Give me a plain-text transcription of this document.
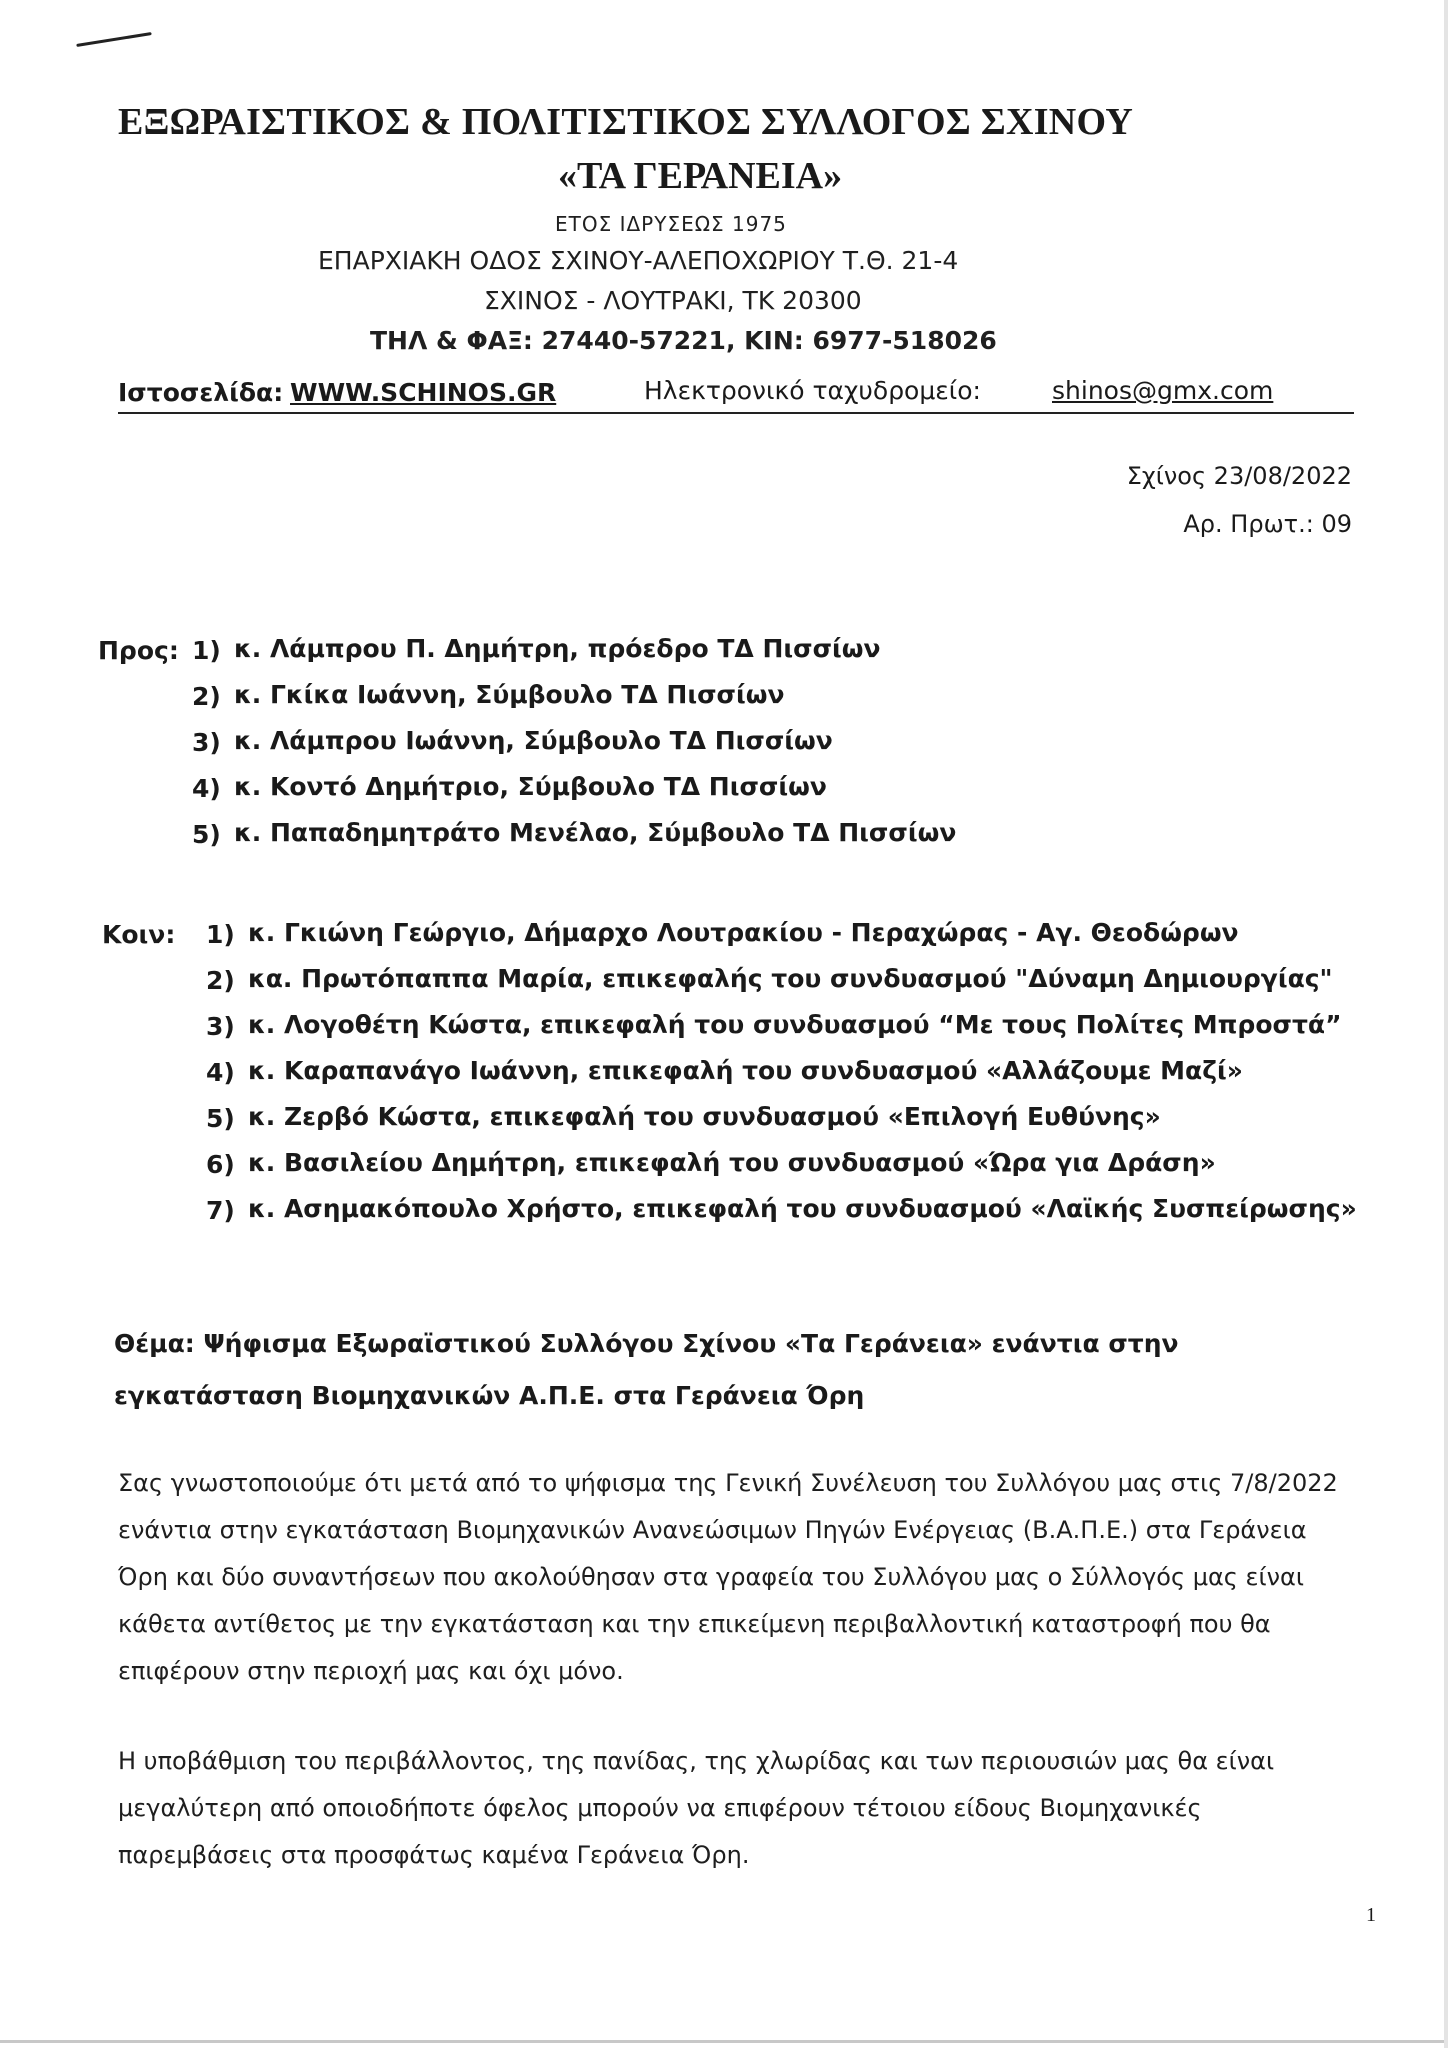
ΕΞΩΡΑΙΣΤΙΚΟΣ & ΠΟΛΙΤΙΣΤΙΚΟΣ ΣΥΛΛΟΓΟΣ ΣΧΙΝΟΥ
«ΤΑ ΓΕΡΑΝΕΙΑ»
ΕΤΟΣ ΙΔΡΥΣΕΩΣ 1975
ΕΠΑΡΧΙΑΚΗ ΟΔΟΣ ΣΧΙΝΟΥ-ΑΛΕΠΟΧΩΡΙΟΥ Τ.Θ. 21-4
ΣΧΙΝΟΣ - ΛΟΥΤΡΑΚΙ, ΤΚ 20300
ΤΗΛ & ΦΑΞ: 27440-57221, ΚΙΝ: 6977-518026
Ιστοσελίδα: WWW.SCHINOS.GR	Ηλεκτρονικό ταχυδρομείο:	shinos@gmx.com
Σχίνος 23/08/2022
Αρ. Πρωτ.: 09
Προς: 1) κ. Λάμπρου Π. Δημήτρη, πρόεδρο ΤΔ Πισσίων
2) κ. Γκίκα Ιωάννη, Σύμβουλο ΤΔ Πισσίων
3) κ. Λάμπρου Ιωάννη, Σύμβουλο ΤΔ Πισσίων
4) κ. Κοντό Δημήτριο, Σύμβουλο ΤΔ Πισσίων
5) κ. Παπαδημητράτο Μενέλαο, Σύμβουλο ΤΔ Πισσίων
Κοιν: 1) κ. Γκιώνη Γεώργιο, Δήμαρχο Λουτρακίου - Περαχώρας - Αγ. Θεοδώρων
2) κα. Πρωτόπαππα Μαρία, επικεφαλής του συνδυασμού "Δύναμη Δημιουργίας"
3) κ. Λογοθέτη Κώστα, επικεφαλή του συνδυασμού “Με τους Πολίτες Μπροστά”
4) κ. Καραπανάγο Ιωάννη, επικεφαλή του συνδυασμού «Αλλάζουμε Μαζί»
5) κ. Ζερβό Κώστα, επικεφαλή του συνδυασμού «Επιλογή Ευθύνης»
6) κ. Βασιλείου Δημήτρη, επικεφαλή του συνδυασμού «Ώρα για Δράση»
7) κ. Ασημακόπουλο Χρήστο, επικεφαλή του συνδυασμού «Λαϊκής Συσπείρωσης»
Θέμα: Ψήφισμα Εξωραϊστικού Συλλόγου Σχίνου «Τα Γεράνεια» ενάντια στην εγκατάσταση Βιομηχανικών Α.Π.Ε. στα Γεράνεια Όρη
Σας γνωστοποιούμε ότι μετά από το ψήφισμα της Γενική Συνέλευση του Συλλόγου μας στις 7/8/2022 ενάντια στην εγκατάσταση Βιομηχανικών Ανανεώσιμων Πηγών Ενέργειας (Β.Α.Π.Ε.) στα Γεράνεια Όρη και δύο συναντήσεων που ακολούθησαν στα γραφεία του Συλλόγου μας ο Σύλλογός μας είναι κάθετα αντίθετος με την εγκατάσταση και την επικείμενη περιβαλλοντική καταστροφή που θα επιφέρουν στην περιοχή μας και όχι μόνο.
Η υποβάθμιση του περιβάλλοντος, της πανίδας, της χλωρίδας και των περιουσιών μας θα είναι μεγαλύτερη από οποιοδήποτε όφελος μπορούν να επιφέρουν τέτοιου είδους Βιομηχανικές παρεμβάσεις στα προσφάτως καμένα Γεράνεια Όρη.
1
